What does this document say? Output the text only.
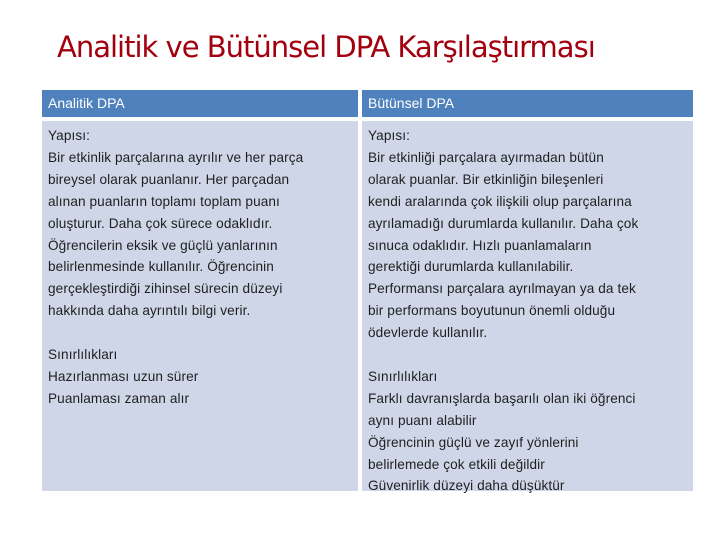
Analitik ve Bütünsel DPA Karşılaştırması
Analitik DPA	Bütünsel DPA
Yapısı:
Bir etkinlik parçalarına ayrılır ve her parça
bireysel olarak puanlanır. Her parçadan
alınan puanların toplamı toplam puanı
oluşturur. Daha çok sürece odaklıdır.
Öğrencilerin eksik ve güçlü yanlarının
belirlenmesinde kullanılır. Öğrencinin
gerçekleştirdiği zihinsel sürecin düzeyi
hakkında daha ayrıntılı bilgi verir.
Sınırlılıkları
Hazırlanması uzun sürer
Puanlaması zaman alır
Yapısı:
Bir etkinliği parçalara ayırmadan bütün
olarak puanlar. Bir etkinliğin bileşenleri
kendi aralarında çok ilişkili olup parçalarına
ayrılamadığı durumlarda kullanılır. Daha çok
sınuca odaklıdır. Hızlı puanlamaların
gerektiği durumlarda kullanılabilir.
Performansı parçalara ayrılmayan ya da tek
bir performans boyutunun önemli olduğu
ödevlerde kullanılır.
Sınırlılıkları
Farklı davranışlarda başarılı olan iki öğrenci
aynı puanı alabilir
Öğrencinin güçlü ve zayıf yönlerini
belirlemede çok etkili değildir
Güvenirlik düzeyi daha düşüktür
